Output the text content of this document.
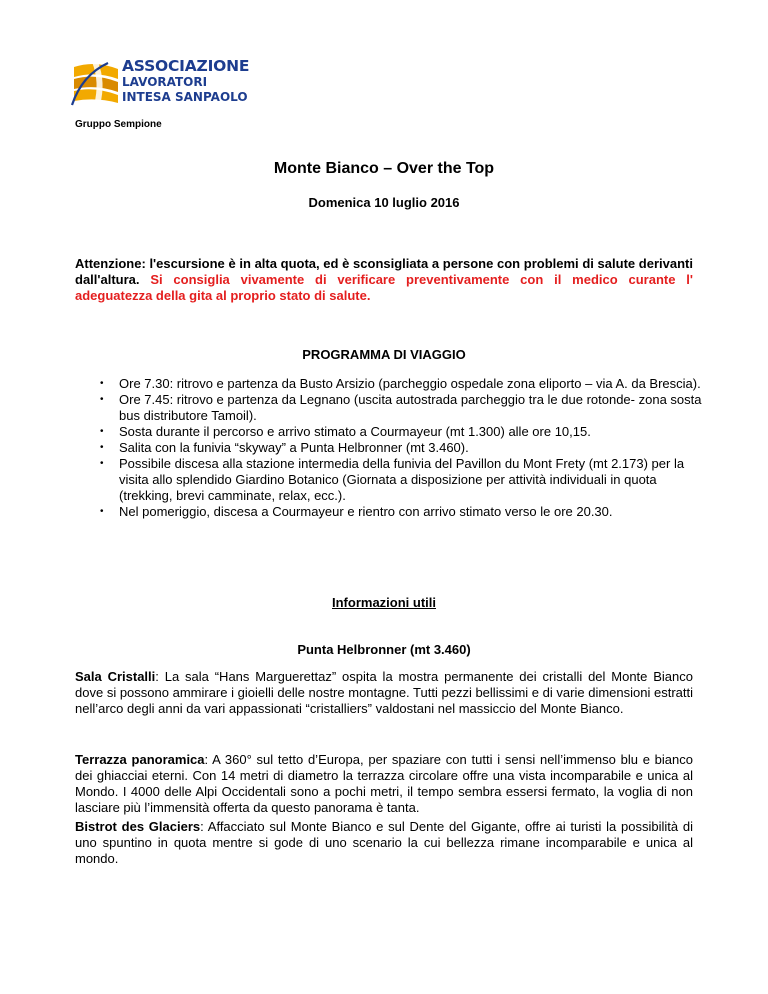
ASSOCIAZIONE
LAVORATORI
INTESA SANPAOLO
Gruppo Sempione
Monte Bianco – Over the Top
Domenica 10 luglio 2016
Attenzione: l'escursione è in alta quota, ed è sconsigliata a persone con problemi di salute derivanti dall'altura. Si consiglia vivamente di verificare preventivamente con il medico curante l' adeguatezza della gita al proprio stato di salute.
PROGRAMMA DI VIAGGIO
• Ore 7.30: ritrovo e partenza da Busto Arsizio (parcheggio ospedale zona eliporto – via A. da Brescia).
• Ore 7.45: ritrovo e partenza da Legnano (uscita autostrada parcheggio tra le due rotonde- zona sosta bus distributore Tamoil).
• Sosta durante il percorso e arrivo stimato a Courmayeur (mt 1.300) alle ore 10,15.
• Salita con la funivia “skyway” a Punta Helbronner (mt 3.460).
• Possibile discesa alla stazione intermedia della funivia del Pavillon du Mont Frety (mt 2.173) per la visita allo splendido Giardino Botanico (Giornata a disposizione per attività individuali in quota (trekking, brevi camminate, relax, ecc.).
• Nel pomeriggio, discesa a Courmayeur e rientro con arrivo stimato verso le ore 20.30.
Informazioni utili
Punta Helbronner (mt 3.460)

Sala Cristalli: La sala “Hans Marguerettaz” ospita la mostra permanente dei cristalli del Monte Bianco dove si possono ammirare i gioielli delle nostre montagne. Tutti pezzi bellissimi e di varie dimensioni estratti nell’arco degli anni da vari appassionati “cristalliers” valdostani nel massiccio del Monte Bianco.

Terrazza panoramica: A 360° sul tetto d’Europa, per spaziare con tutti i sensi nell’immenso blu e bianco dei ghiacciai eterni. Con 14 metri di diametro la terrazza circolare offre una vista incomparabile e unica al Mondo. I 4000 delle Alpi Occidentali sono a pochi metri, il tempo sembra essersi fermato, la voglia di non lasciare più l’immensità offerta da questo panorama è tanta.

Bistrot des Glaciers: Affacciato sul Monte Bianco e sul Dente del Gigante, offre ai turisti la possibilità di uno spuntino in quota mentre si gode di uno scenario la cui bellezza rimane incomparabile e unica al mondo.
